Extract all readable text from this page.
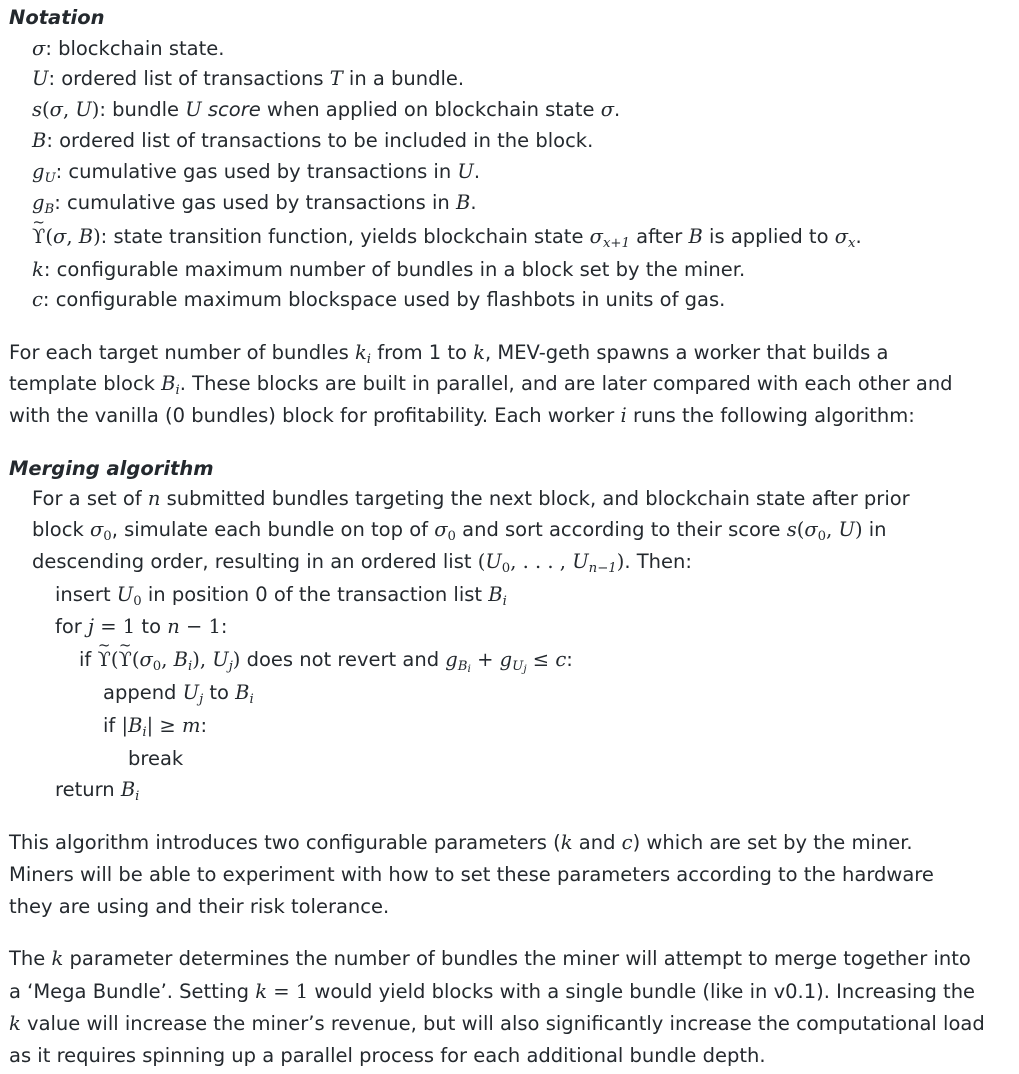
Notation
σ: blockchain state.
U: ordered list of transactions T in a bundle.
s(σ, U): bundle U score when applied on blockchain state σ.
B: ordered list of transactions to be included in the block.
$g_U$: cumulative gas used by transactions in U.
$g_B$: cumulative gas used by transactions in B.
~ ϒ(σ, B): state transition function, yields blockchain state $\sigma_{x+1}$ after B is applied to $\sigma_x$.
k: configurable maximum number of bundles in a block set by the miner.
c: configurable maximum blockspace used by flashbots in units of gas.
For each target number of bundles $k_i$ from 1 to k, MEV-geth spawns a worker that builds a
template block $B_i$. These blocks are built in parallel, and are later compared with each other and
with the vanilla (0 bundles) block for profitability. Each worker i runs the following algorithm:
Merging algorithm
For a set of n submitted bundles targeting the next block, and blockchain state after prior
block $\sigma_0$, simulate each bundle on top of $\sigma_0$ and sort according to their score $s(\sigma_0$, U) in
descending order, resulting in an ordered list ($U_0$, . . . , $U_{n-1}$). Then:
insert $U_0$ in position 0 of the transaction list $B_i$
for j = 1 to n − 1:
if ~ ϒ(~ $ϒ(\sigma_0$, $B_i$), $U_j$) does not revert and $g_{B_i} + g_{U_j} \le c$:
append $U_j$ to $B_i$
if $|B_i| \ge m$:
break
return $B_i$
This algorithm introduces two configurable parameters (k and c) which are set by the miner.
Miners will be able to experiment with how to set these parameters according to the hardware
they are using and their risk tolerance.
The k parameter determines the number of bundles the miner will attempt to merge together into
a ‘Mega Bundle’. Setting k = 1 would yield blocks with a single bundle (like in v0.1). Increasing the
k value will increase the miner’s revenue, but will also significantly increase the computational load
as it requires spinning up a parallel process for each additional bundle depth.
